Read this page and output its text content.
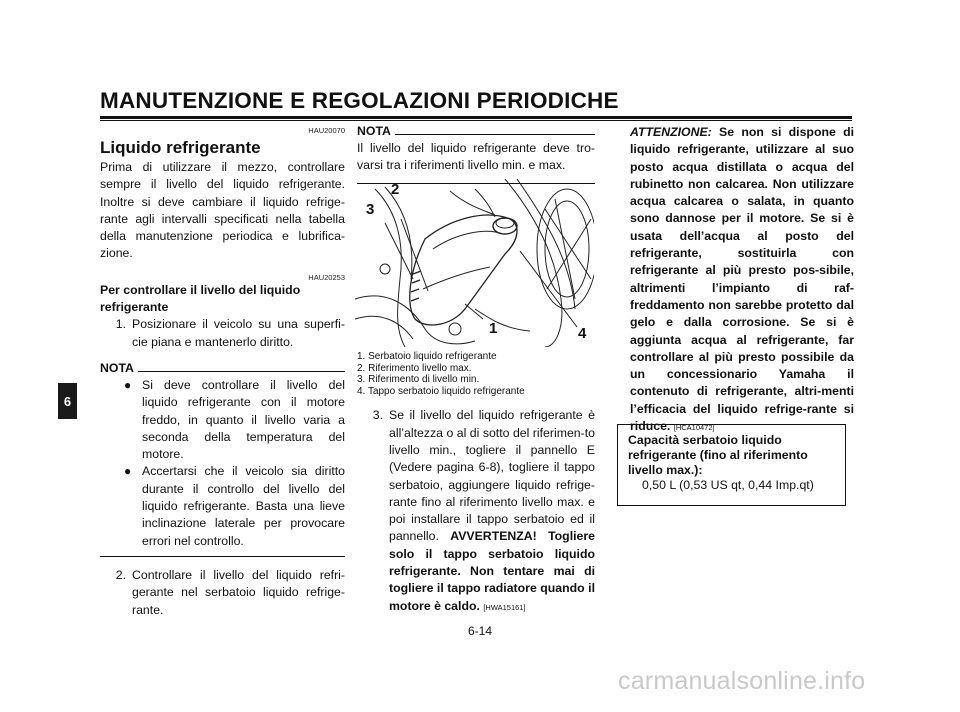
MANUTENZIONE E REGOLAZIONI PERIODICHE
6
HAU20070
Liquido refrigerante
Prima di utilizzare il mezzo, controllare sempre il livello del liquido refrigerante. Inoltre si deve cambiare il liquido refrige-rante agli intervalli specificati nella tabella della manutenzione periodica e lubrifica-zione.
HAU20253
Per controllare il livello del liquido refrigerante
1. Posizionare il veicolo su una superfi-cie piana e mantenerlo diritto.
NOTA
● Si deve controllare il livello del liquido refrigerante con il motore freddo, in quanto il livello varia a seconda della temperatura del motore.
● Accertarsi che il veicolo sia diritto durante il controllo del livello del liquido refrigerante. Basta una lieve inclinazione laterale per provocare errori nel controllo.
2. Controllare il livello del liquido refri-gerante nel serbatoio liquido refrige-rante.
NOTA
Il livello del liquido refrigerante deve tro-varsi tra i riferimenti livello min. e max.
2
3
1	4
1. Serbatoio liquido refrigerante
2. Riferimento livello max.
3. Riferimento di livello min.
4. Tappo serbatoio liquido refrigerante
3. Se il livello del liquido refrigerante è all’altezza o al di sotto del riferimen-to livello min., togliere il pannello E (Vedere pagina 6-8), togliere il tappo serbatoio, aggiungere liquido refrige-rante fino al riferimento livello max. e poi installare il tappo serbatoio ed il pannello. AVVERTENZA! Togliere solo il tappo serbatoio liquido refrigerante. Non tentare mai di togliere il tappo radiatore quando il motore è caldo. [HWA15161]
ATTENZIONE: Se non si dispone di liquido refrigerante, utilizzare al suo posto acqua distillata o acqua del rubinetto non calcarea. Non utilizzare acqua calcarea o salata, in quanto sono dannose per il motore. Se si è usata dell’acqua al posto del refrigerante, sostituirla con refrigerante al più presto pos-sibile, altrimenti l’impianto di raf-freddamento non sarebbe protetto dal gelo e dalla corrosione. Se si è aggiunta acqua al refrigerante, far controllare al più presto possibile da un concessionario Yamaha il contenuto di refrigerante, altri-menti l’efficacia del liquido refrige-rante si riduce. [HCA10472]
Capacità serbatoio liquido refrigerante (fino al riferimento livello max.):
0,50 L (0,53 US qt, 0,44 Imp.qt)
6-14
carmanualsonline.info
